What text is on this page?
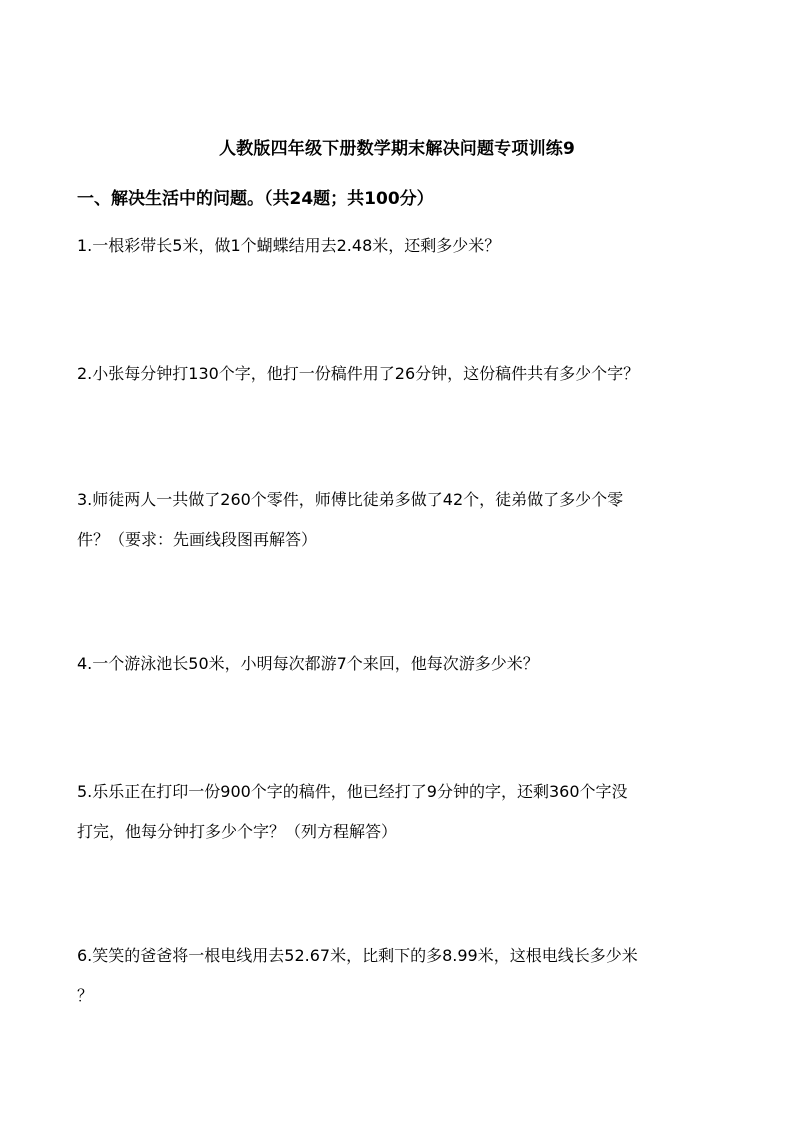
人教版四年级下册数学期末解决问题专项训练9
一、解决生活中的问题。（共24题；共100分）
1.一根彩带长5米，做1个蝴蝶结用去2.48米，还剩多少米？
2.小张每分钟打130个字，他打一份稿件用了26分钟，这份稿件共有多少个字？
3.师徒两人一共做了260个零件，师傅比徒弟多做了42个，徒弟做了多少个零
件？（要求：先画线段图再解答）
4.一个游泳池长50米，小明每次都游7个来回，他每次游多少米？
5.乐乐正在打印一份900个字的稿件，他已经打了9分钟的字，还剩360个字没
打完，他每分钟打多少个字？（列方程解答）
6.笑笑的爸爸将一根电线用去52.67米，比剩下的多8.99米，这根电线长多少米
？
